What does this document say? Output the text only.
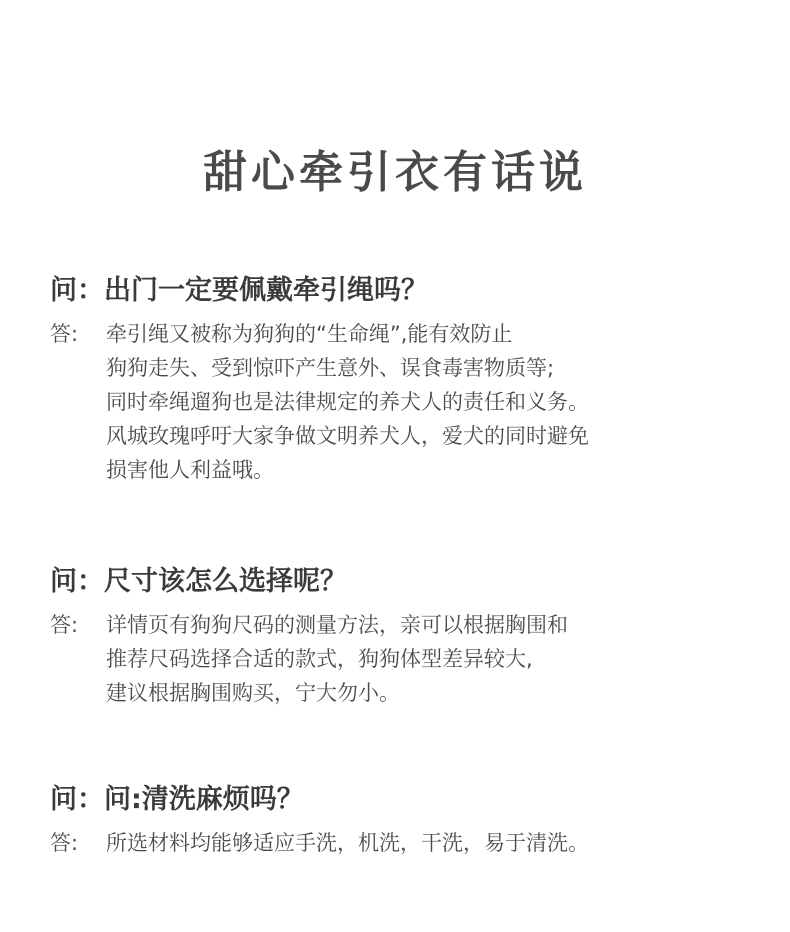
甜心牵引衣有话说
问：出门一定要佩戴牵引绳吗？
答:	牵引绳又被称为狗狗的“生命绳”,能有效防止
狗狗走失、受到惊吓产生意外、误食毒害物质等;
同时牵绳遛狗也是法律规定的养犬人的责任和义务。
风城玫瑰呼吁大家争做文明养犬人，爱犬的同时避免
损害他人利益哦。
问：尺寸该怎么选择呢？
答:	详情页有狗狗尺码的测量方法，亲可以根据胸围和
推荐尺码选择合适的款式，狗狗体型差异较大,
建议根据胸围购买，宁大勿小。
问：问:清洗麻烦吗？
答:	所选材料均能够适应手洗，机洗，干洗，易于清洗。
